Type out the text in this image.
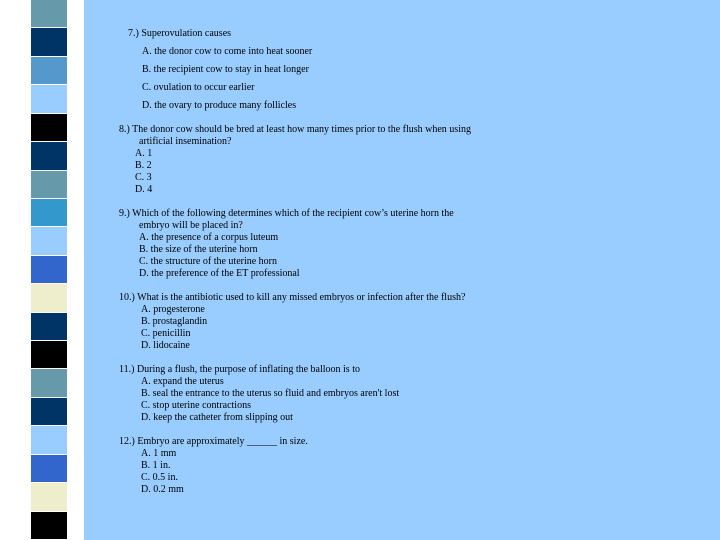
7.) Superovulation causes
A. the donor cow to come into heat sooner
B. the recipient cow to stay in heat longer
C. ovulation to occur earlier
D. the ovary to produce many follicles
8.) The donor cow should be bred at least how many times prior to the flush when using
artificial insemination?
A. 1
B. 2
C. 3
D. 4
9.) Which of the following determines which of the recipient cow’s uterine horn the
embryo will be placed in?
A. the presence of a corpus luteum
B. the size of the uterine horn
C. the structure of the uterine horn
D. the preference of the ET professional
10.) What is the antibiotic used to kill any missed embryos or infection after the flush?
A. progesterone
B. prostaglandin
C. penicillin
D. lidocaine
11.) During a flush, the purpose of inflating the balloon is to
A. expand the uterus
B. seal the entrance to the uterus so fluid and embryos aren't lost
C. stop uterine contractions
D. keep the catheter from slipping out
12.) Embryo are approximately ______ in size.
A. 1 mm
B. 1 in.
C. 0.5 in.
D. 0.2 mm
